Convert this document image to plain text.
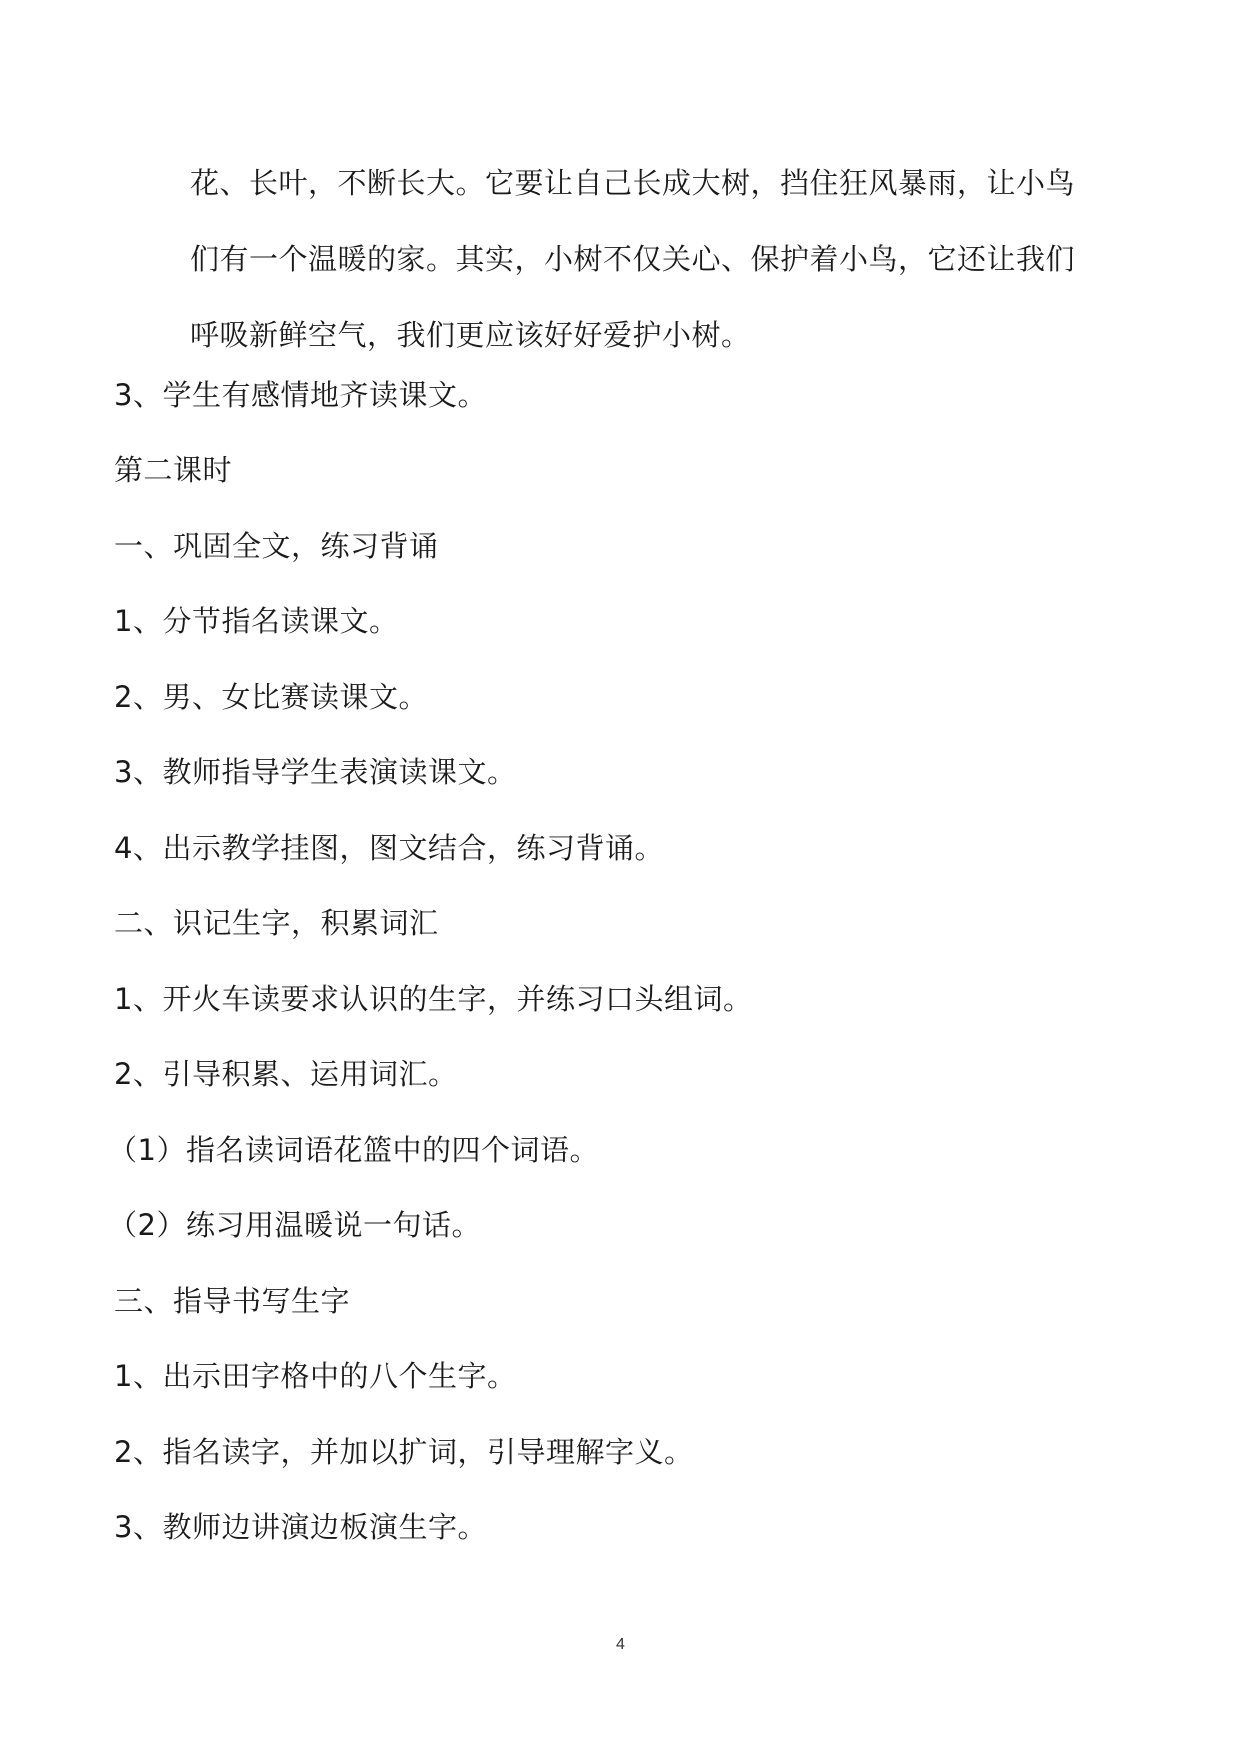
花、长叶，不断长大。它要让自己长成大树，挡住狂风暴雨，让小鸟
们有一个温暖的家。其实，小树不仅关心、保护着小鸟，它还让我们
呼吸新鲜空气，我们更应该好好爱护小树。
3、学生有感情地齐读课文。
第二课时
一、巩固全文，练习背诵
1、分节指名读课文。
2、男、女比赛读课文。
3、教师指导学生表演读课文。
4、出示教学挂图，图文结合，练习背诵。
二、识记生字，积累词汇
1、开火车读要求认识的生字，并练习口头组词。
2、引导积累、运用词汇。
（1）指名读词语花篮中的四个词语。
（2）练习用温暖说一句话。
三、指导书写生字
1、出示田字格中的八个生字。
2、指名读字，并加以扩词，引导理解字义。
3、教师边讲演边板演生字。
4
